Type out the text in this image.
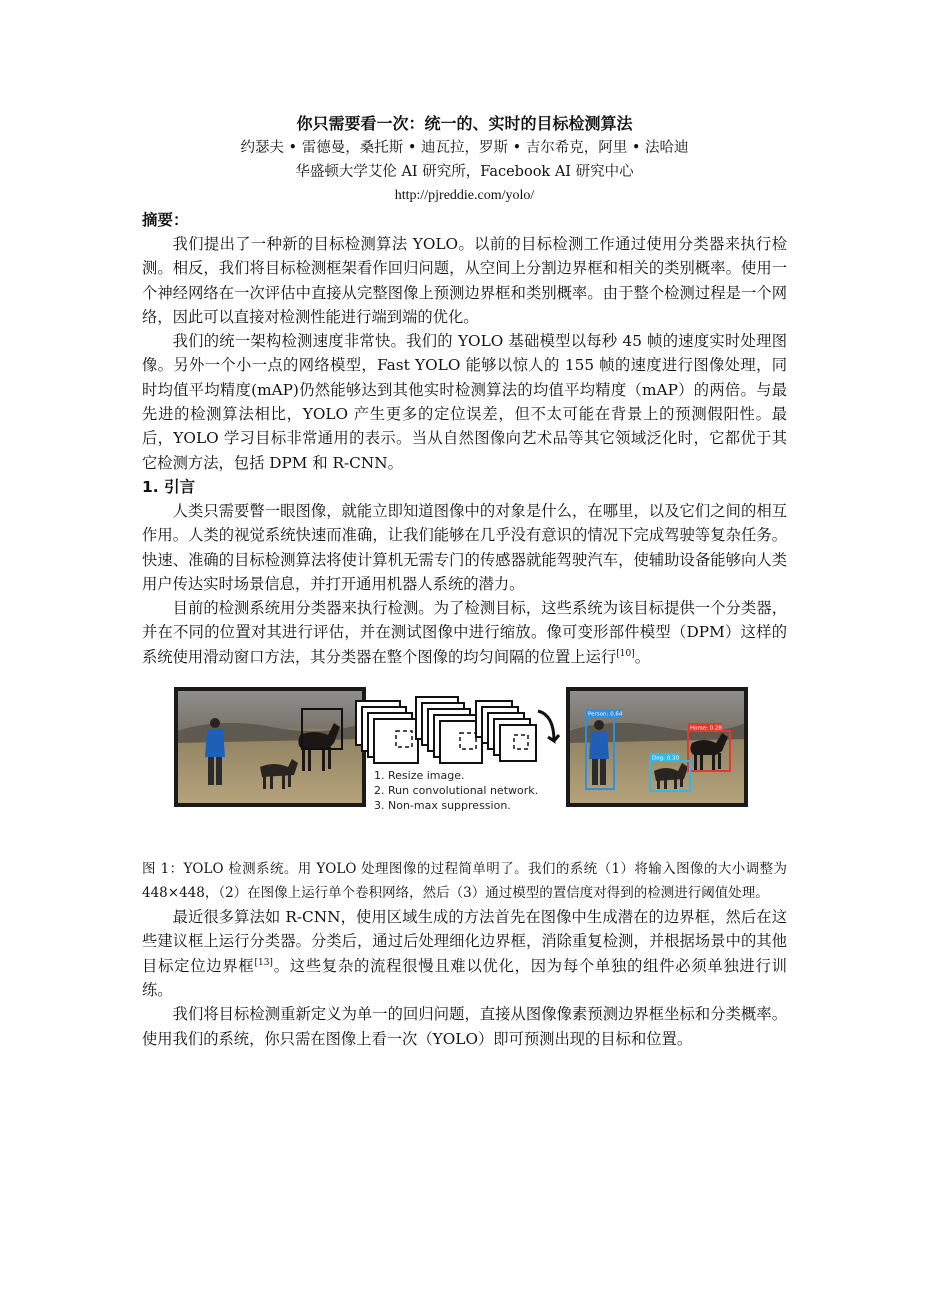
你只需要看一次：统一的、实时的目标检测算法

约瑟夫 • 雷德曼，桑托斯 • 迪瓦拉，罗斯 • 吉尔希克，阿里 • 法哈迪

华盛顿大学艾伦 AI 研究所，Facebook AI 研究中心

http://pjreddie.com/yolo/

摘要：

我们提出了一种新的目标检测算法 YOLO。以前的目标检测工作通过使用分类器来执行检测。相反，我们将目标检测框架看作回归问题，从空间上分割边界框和相关的类别概率。使用一个神经网络在一次评估中直接从完整图像上预测边界框和类别概率。由于整个检测过程是一个网络，因此可以直接对检测性能进行端到端的优化。

我们的统一架构检测速度非常快。我们的 YOLO 基础模型以每秒 45 帧的速度实时处理图像。另外一个小一点的网络模型，Fast YOLO 能够以惊人的 155 帧的速度进行图像处理，同时均值平均精度(mAP)仍然能够达到其他实时检测算法的均值平均精度（mAP）的两倍。与最先进的检测算法相比，YOLO 产生更多的定位误差，但不太可能在背景上的预测假阳性。最后，YOLO 学习目标非常通用的表示。当从自然图像向艺术品等其它领域泛化时，它都优于其它检测方法，包括 DPM 和 R-CNN。

1. 引言

人类只需要瞥一眼图像，就能立即知道图像中的对象是什么，在哪里，以及它们之间的相互作用。人类的视觉系统快速而准确，让我们能够在几乎没有意识的情况下完成驾驶等复杂任务。快速、准确的目标检测算法将使计算机无需专门的传感器就能驾驶汽车，使辅助设备能够向人类用户传达实时场景信息，并打开通用机器人系统的潜力。

目前的检测系统用分类器来执行检测。为了检测目标，这些系统为该目标提供一个分类器，并在不同的位置对其进行评估，并在测试图像中进行缩放。像可变形部件模型（DPM）这样的系统使用滑动窗口方法，其分类器在整个图像的均匀间隔的位置上运行[10]。

1. Resize image.
2. Run convolutional network.
3. Non-max suppression.
Person: 0.64
Horse: 0.28
Dog: 0.30

图 1：YOLO 检测系统。用 YOLO 处理图像的过程简单明了。我们的系统（1）将输入图像的大小调整为 448×448，（2）在图像上运行单个卷积网络，然后（3）通过模型的置信度对得到的检测进行阈值处理。

最近很多算法如 R-CNN，使用区域生成的方法首先在图像中生成潜在的边界框，然后在这些建议框上运行分类器。分类后，通过后处理细化边界框，消除重复检测，并根据场景中的其他目标定位边界框[13]。这些复杂的流程很慢且难以优化，因为每个单独的组件必须单独进行训练。

我们将目标检测重新定义为单一的回归问题，直接从图像像素预测边界框坐标和分类概率。使用我们的系统，你只需在图像上看一次（YOLO）即可预测出现的目标和位置。
